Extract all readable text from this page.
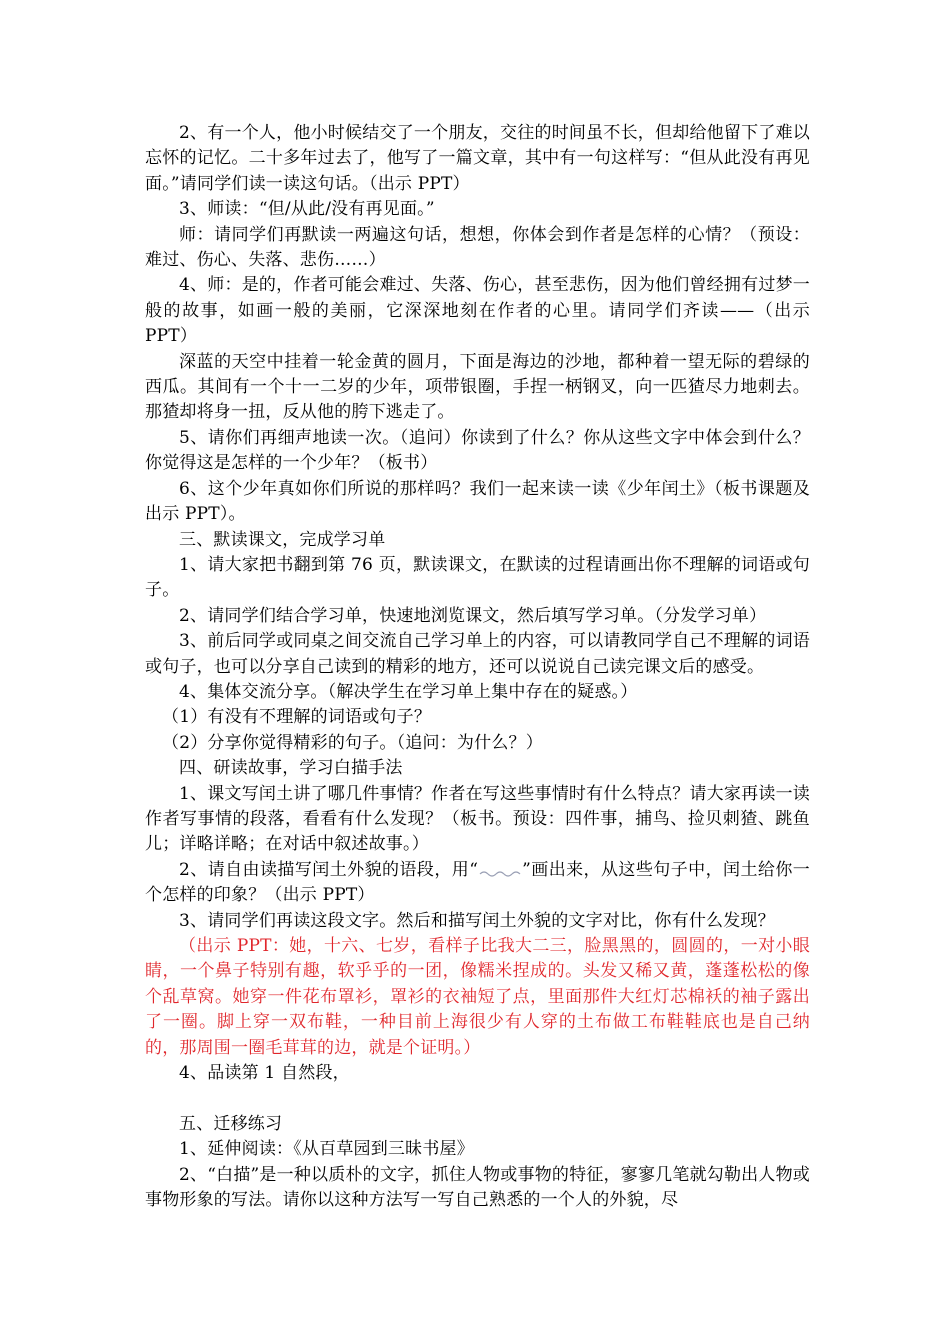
2、有一个人，他小时候结交了一个朋友，交往的时间虽不长，但却给他留下了难以忘怀的记忆。二十多年过去了，他写了一篇文章，其中有一句这样写：“但从此没有再见面。”请同学们读一读这句话。（出示 PPT）

3、师读：“但/从此/没有再见面。”

师：请同学们再默读一两遍这句话，想想，你体会到作者是怎样的心情？（预设：难过、伤心、失落、悲伤……）

4、师：是的，作者可能会难过、失落、伤心，甚至悲伤，因为他们曾经拥有过梦一般的故事，如画一般的美丽，它深深地刻在作者的心里。请同学们齐读——（出示 PPT）

深蓝的天空中挂着一轮金黄的圆月，下面是海边的沙地，都种着一望无际的碧绿的西瓜。其间有一个十一二岁的少年，项带银圈，手捏一柄钢叉，向一匹猹尽力地刺去。那猹却将身一扭，反从他的胯下逃走了。

5、请你们再细声地读一次。（追问）你读到了什么？你从这些文字中体会到什么？你觉得这是怎样的一个少年？（板书）

6、这个少年真如你们所说的那样吗？我们一起来读一读《少年闰土》（板书课题及出示 PPT）。

三、默读课文，完成学习单

1、请大家把书翻到第 76 页，默读课文，在默读的过程请画出你不理解的词语或句子。

2、请同学们结合学习单，快速地浏览课文，然后填写学习单。（分发学习单）

3、前后同学或同桌之间交流自己学习单上的内容，可以请教同学自己不理解的词语或句子，也可以分享自己读到的精彩的地方，还可以说说自己读完课文后的感受。

4、集体交流分享。（解决学生在学习单上集中存在的疑惑。）

（1）有没有不理解的词语或句子？

（2）分享你觉得精彩的句子。（追问：为什么？）

四、研读故事，学习白描手法

1、课文写闰土讲了哪几件事情？作者在写这些事情时有什么特点？请大家再读一读作者写事情的段落，看看有什么发现？（板书。预设：四件事，捕鸟、捡贝刺猹、跳鱼儿；详略详略；在对话中叙述故事。）

2、请自由读描写闰土外貌的语段，用“	”画出来，从这些句子中，闰土给你一个怎样的印象？（出示 PPT）

3、请同学们再读这段文字。然后和描写闰土外貌的文字对比，你有什么发现？

（出示 PPT：她，十六、七岁，看样子比我大二三，脸黑黑的，圆圆的，一对小眼睛，一个鼻子特别有趣，软乎乎的一团，像糯米捏成的。头发又稀又黄，蓬蓬松松的像个乱草窝。她穿一件花布罩衫，罩衫的衣袖短了点，里面那件大红灯芯棉袄的袖子露出了一圈。脚上穿一双布鞋，一种目前上海很少有人穿的土布做工布鞋鞋底也是自己纳的，那周围一圈毛茸茸的边，就是个证明。）

4、品读第 1 自然段，

五、迁移练习

1、延伸阅读：《从百草园到三昧书屋》

2、“白描”是一种以质朴的文字，抓住人物或事物的特征，寥寥几笔就勾勒出人物或事物形象的写法。请你以这种方法写一写自己熟悉的一个人的外貌，尽
